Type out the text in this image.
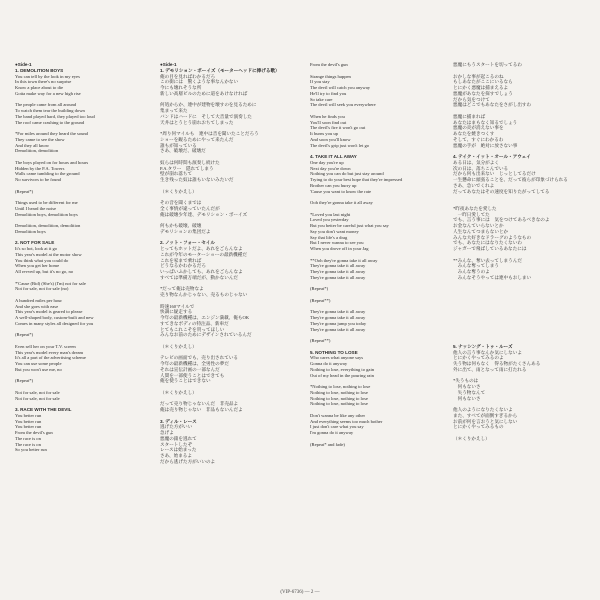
●Side-1
1. DEMOLITION BOYS
You can tell by the look in my eyes
In this town there's no surprise
Know a place about to die
Gotta make way for a new high rise
The people came from all around
To watch them tear the building down
The band played hard, they played too loud
The roof came crashing to the ground
*For miles around they heard the sound
They came to see the show
And they all know
Demolition, demolition
The boys played on for hours and hours
Hidden by the P.A. Towers
Walls came tumbling to the ground
No survivors to be found
(Repeat*)
Things used to be different for me
Until I heard the noise
Demolition boys, demolition boys
Demolition, demolition, demolition
Demolition boys
2. NOT FOR SALE
It's so hot, look at it go
This year's model at the motor show
You think what you could do
When you get her home
All revved up, but it's no go, no
*'Cause (Bid) (She's) (I'm) not for sale
Not for sale, not for sale (no)
A hundred miles per hour
And she goes with ease
This year's model is geared to please
A well-shaped body, custom-built and new
Comes in many styles all designed for you
(Repeat*)
Even sell her on your T.V. screen
This year's model every man's dream
It's all a part of the advertising scheme
You can use some people
But you won't use me, no
(Repeat*)
Not for sale, not for sale
Not for sale, not for sale
3. RACE WITH THE DEVIL
You better run
You better run
You better run
From the devil's gun
The race is on
The race is on
So you better run
●Side-1
1. デモリション・ボーイズ（モーターヘッドに捧げる歌）
俺の目を見ればわかるだろ
この街には　驚くような事なんかない
今にも壊れそうな所
新しい高層ビルのために道をあけなければ
何処からか、連中が建物を壊すのを見るために
集まって来た
バンドはハードに　そして大音量で演奏した
天井はとうとう崩れおちてしまった
*周り何マイルも　連中は音を聞いたことだろう
ショーを観るためにやって来たんだ
誰もが知っている
さあ、破壊だ、破壊だ
奴らは何時間も演奏し続けた
P.A.タワー　隠れてしまう
壁が崩れ落ちて
生き残った奴は誰もいないみたいだ
（＊くりかえし）
その音を聞くまでは
全く事情が違っていたんだが
俺は破壊少年達、デモリション・ボーイズ
何もかも破壊、破壊
デモリションの集団だよ
2. ノット・フォー・セイル
とってもホットだよ、あれをごらんなよ
これが今年のモーターショーの最新機種だ
これを家まで乗れば
どうなるかわかるだろ
いっぱいふかしても、あれをごらんなよ
すべては準備万端だが、動かないんだ
*だって俺は売物なよ
売り物なんかじゃない、売るものじゃない
時速160マイルで
快調に疑走する
今年の最新機種は、エンジン満載、俺もOK
すてきなボディの特注品、新車だ
とてもこれこそを買ってほしい
みんなお前のためにデザインされているんだ
（＊くりかえし）
テレビの画面でも、売り出されている
今年の最新機種は、全男性の夢だ
それは宣伝計画の一部なんだ
人間を一部使うことはできても
俺を使うことはできない
（＊くりかえし）
だって売り物じゃないんだ　非売品よ
俺は売り物じゃない　非品もないんだよ
3. ディル・レース
逃げた方がいい
急げよ
悪魔の鋃を逃れて
スタートしたぞ
レースは始まった
さあ、始まるよ
だから逃げた方がいいのよ
From the devil's gun
Strange things happen
If you stay
The devil will catch you anyway
He'll try to find you
So take care
The devil will seek you everywhere
When he finds you
You'll soon find out
The devil's fire it won't go out
It burns you up
And soon you'll know
The devil's grip just won't let go
4. TAKE IT ALL AWAY
One day you're up
Next day you're down
Nothing you can do but just stay around
Trying to do your best hope that they're impressed
Brother can you hurry up
'Cause you want to know the rate
Ooh they're gonna take it all away
*Loved you last night
Loved you yesterday
But you better be careful just what you say
Say you don't want money
Say that life's a drag
But I never wanna to see you
When you drove off in your Jag
**Ooh they're gonna take it all away
They're gonna take it all away
They're gonna take it all away
They're gonna take it all away
(Repeat*)
(Repeat**)
They're gonna take it all away
They're gonna take it all away
They're gonna jump you today
They're gonna take it all away
(Repeat**)
5. NOTHING TO LOSE
Who cares what anyone says
Gonna do it anyway
Nothing to lose, everything to gain
Out of my head in the pouring rain
*Nothing to lose, nothing to lose
Nothing to lose, nothing to lose
Nothing to lose, nothing to lose
Nothing to lose, nothing to lose
Don't wanna be like any other
And everything seems too much bother
I just don't care what you say
I'm gonna do it anyway
(Repeat* and fade)
悪魔にもうスタートを切ってるわ
おかしな事が起こるのね
もしあなたがここにいるなら
とにかく悪魔は捕まえるよ
悪魔があなたを探すでしょう
だから気をつけて
悪魔はどこでもあなたをさがし出すわ
悪魔に捕まれば
あなたはまもなく知るでしょう
悪魔の炎が消えない事を
あなたを焼きつくす
そして、すぐにわかるわ
悪魔の手が　絶対に放さない事
4. テイク・イット・オール・アウェイ
ある日は、気分がよく
次の日は、落ちこんでいる
だから何も出来ない　じっとしてるだけ
一生懸命に頭張ることを、だって彼らが印象づけられる
さあ、急いでくれよ
だってあなたはその速度を知りたがってしてる
*昨夜あなたを愛した
　一昨日愛してた
でも、言う事には　気をつけてあるべきなのよ
お金なんていらないとか
人生なんてつまらないとか
みんな大好きなドラーグのようなもの
でも、あなたにはなりたくないわ
ジャガーで飛ばしているあなたには
**みんな、奪い去ってしまうんだ
　みんな奪ってしまう
　みんな奪うのよ
　みんなそうやっては連中もおしまい
5. ナッシング・トゥ・ルーズ
他人の言う事なんか気にしないよ
とにかくやってみるのよ
失う物は何もなく　得る物がたくさんある
外に出て、雨となって雨に打たれる
*失うものは
　何もないさ
　失う物なんて
　何もないさ
他人のようになりたくないよ
また、すべてが面倒すぎるから
お前が何を言おうと気にしない
とにかくやってみるもの
（＊くりかえし）
(VIP-6736) — 2 —
